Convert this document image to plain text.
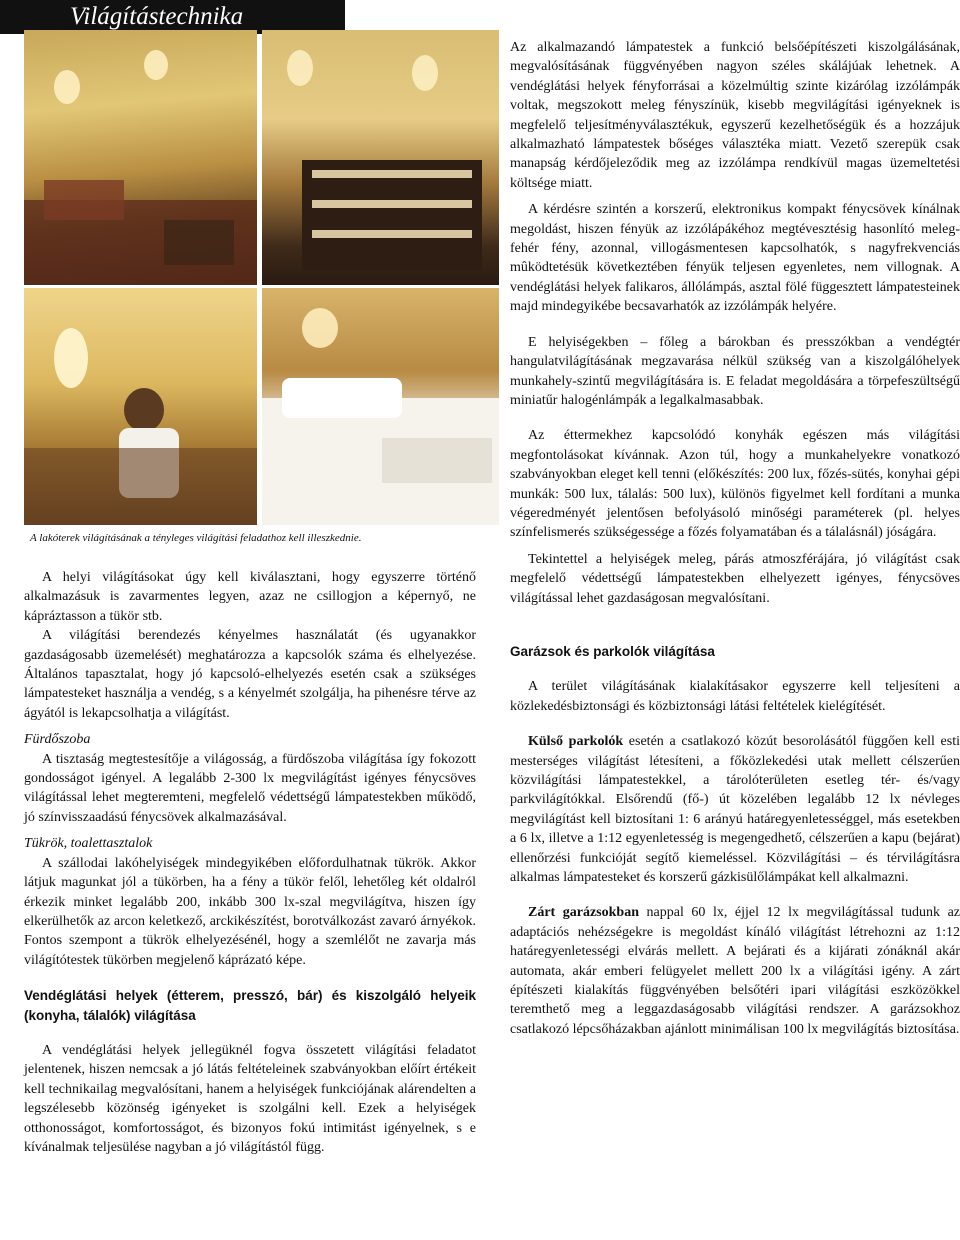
Világítástechnika
A lakóterek világításának a tényleges világítási feladathoz kell illeszkednie.

A helyi világításokat úgy kell kiválasztani, hogy egyszerre történő alkalmazásuk is zavarmentes legyen, azaz ne csillogjon a képernyő, ne kápráztasson a tükör stb.

A világítási berendezés kényelmes használatát (és ugyanakkor gazdaságosabb üzemelését) meghatározza a kapcsolók száma és elhelyezése. Általános tapasztalat, hogy jó kapcsoló-elhelyezés esetén csak a szükséges lámpatesteket használja a vendég, s a kényelmét szolgálja, ha pihenésre térve az ágyától is lekapcsolhatja a világítást.

Fürdőszoba

A tisztaság megtestesítője a világosság, a fürdőszoba világítása így fokozott gondosságot igényel. A legalább 2-300 lx megvilágítást igényes fénycsöves világítással lehet megteremteni, megfelelő védettségű lámpatestekben működő, jó színvisszaadású fénycsövek alkalmazásával.

Tükrök, toalettasztalok

A szállodai lakóhelyiségek mindegyikében előfordulhatnak tükrök. Akkor látjuk magunkat jól a tükörben, ha a fény a tükör felől, lehetőleg két oldalról érkezik minket legalább 200, inkább 300 lx-szal megvilágítva, hiszen így elkerülhetők az arcon keletkező, arckikészítést, borotválkozást zavaró árnyékok. Fontos szempont a tükrök elhelyezésénél, hogy a szemlélőt ne zavarja más világítótestek tükörben megjelenő káprázató képe.

Vendéglátási helyek (étterem, presszó, bár) és kiszolgáló helyeik (konyha, tálalók) világítása

A vendéglátási helyek jellegüknél fogva összetett világítási feladatot jelentenek, hiszen nemcsak a jó látás feltételeinek szabványokban előírt értékeit kell technikailag megvalósítani, hanem a helyiségek funkciójának alárendelten a legszélesebb közönség igényeket is szolgálni kell. Ezek a helyiségek otthonosságot, komfortosságot, és bizonyos fokú intimitást igényelnek, s e kívánalmak teljesülése nagyban a jó világítástól függ.

Az alkalmazandó lámpatestek a funkció belsőépítészeti kiszolgálásának, megvalósításának függvényében nagyon széles skálájúak lehetnek. A vendéglátási helyek fényforrásai a közelmúltig szinte kizárólag izzólámpák voltak, megszokott meleg fényszínük, kisebb megvilágítási igényeknek is megfelelő teljesítményválasztékuk, egyszerű kezelhetőségük és a hozzájuk alkalmazható lámpatestek bőséges választéka miatt. Vezető szerepük csak manapság kérdőjeleződik meg az izzólámpa rendkívül magas üzemeltetési költsége miatt.

A kérdésre szintén a korszerű, elektronikus kompakt fénycsövek kínálnak megoldást, hiszen fényük az izzólápákéhoz megtévesztésig hasonlító meleg-fehér fény, azonnal, villogásmentesen kapcsolhatók, s nagyfrekvenciás mûködtetésük következtében fényük teljesen egyenletes, nem villognak. A vendéglátási helyek falikaros, állólámpás, asztal fölé függesztett lámpatesteinek majd mindegyikébe becsavarhatók az izzólámpák helyére.

E helyiségekben – főleg a bárokban és presszókban a vendégtér hangulatvilágításának megzavarása nélkül szükség van a kiszolgálóhelyek munkahely-szintű megvilágítására is. E feladat megoldására a törpefeszültségű miniatűr halogénlámpák a legalkalmasabbak.

Az éttermekhez kapcsolódó konyhák egészen más világítási megfontolásokat kívánnak. Azon túl, hogy a munkahelyekre vonatkozó szabványokban eleget kell tenni (előkészítés: 200 lux, főzés-sütés, konyhai gépi munkák: 500 lux, tálalás: 500 lux), különös figyelmet kell fordítani a munka végeredményét jelentősen befolyásoló minőségi paraméterek (pl. helyes színfelismerés szükségessége a főzés folyamatában és a tálalásnál) jóságára.

Tekintettel a helyiségek meleg, párás atmoszférájára, jó világítást csak megfelelő védettségű lámpatestekben elhelyezett igényes, fénycsöves világítással lehet gazdaságosan megvalósítani.

Garázsok és parkolók világítása

A terület világításának kialakításakor egyszerre kell teljesíteni a közlekedésbiztonsági és közbiztonsági látási feltételek kielégítését.

Külső parkolók esetén a csatlakozó közút besorolásától függően kell esti mesterséges világítást létesíteni, a főközlekedési utak mellett célszerűen közvilágítási lámpatestekkel, a tárolóterületen esetleg tér- és/vagy parkvilágítókkal. Elsőrendű (fő-) út közelében legalább 12 lx névleges megvilágítást kell biztosítani 1: 6 arányú határegyenletességgel, más esetekben a 6 lx, illetve a 1:12 egyenletesség is megengedhető, célszerűen a kapu (bejárat) ellenőrzési funkcióját segítő kiemeléssel. Közvilágítási – és térvilágításra alkalmas lámpatesteket és korszerű gázkisülőlámpákat kell alkalmazni.

Zárt garázsokban nappal 60 lx, éjjel 12 lx megvilágítással tudunk az adaptációs nehézségekre is megoldást kínáló világítást létrehozni az 1:12 határegyenletességi elvárás mellett. A bejárati és a kijárati zónáknál akár automata, akár emberi felügyelet mellett 200 lx a világítási igény. A zárt építészeti kialakítás függvényében belsőtéri ipari világítási eszközökkel teremthető meg a leggazdaságosabb világítási rendszer. A garázsokhoz csatlakozó lépcsőházakban ajánlott minimálisan 100 lx megvilágítás biztosítása.
